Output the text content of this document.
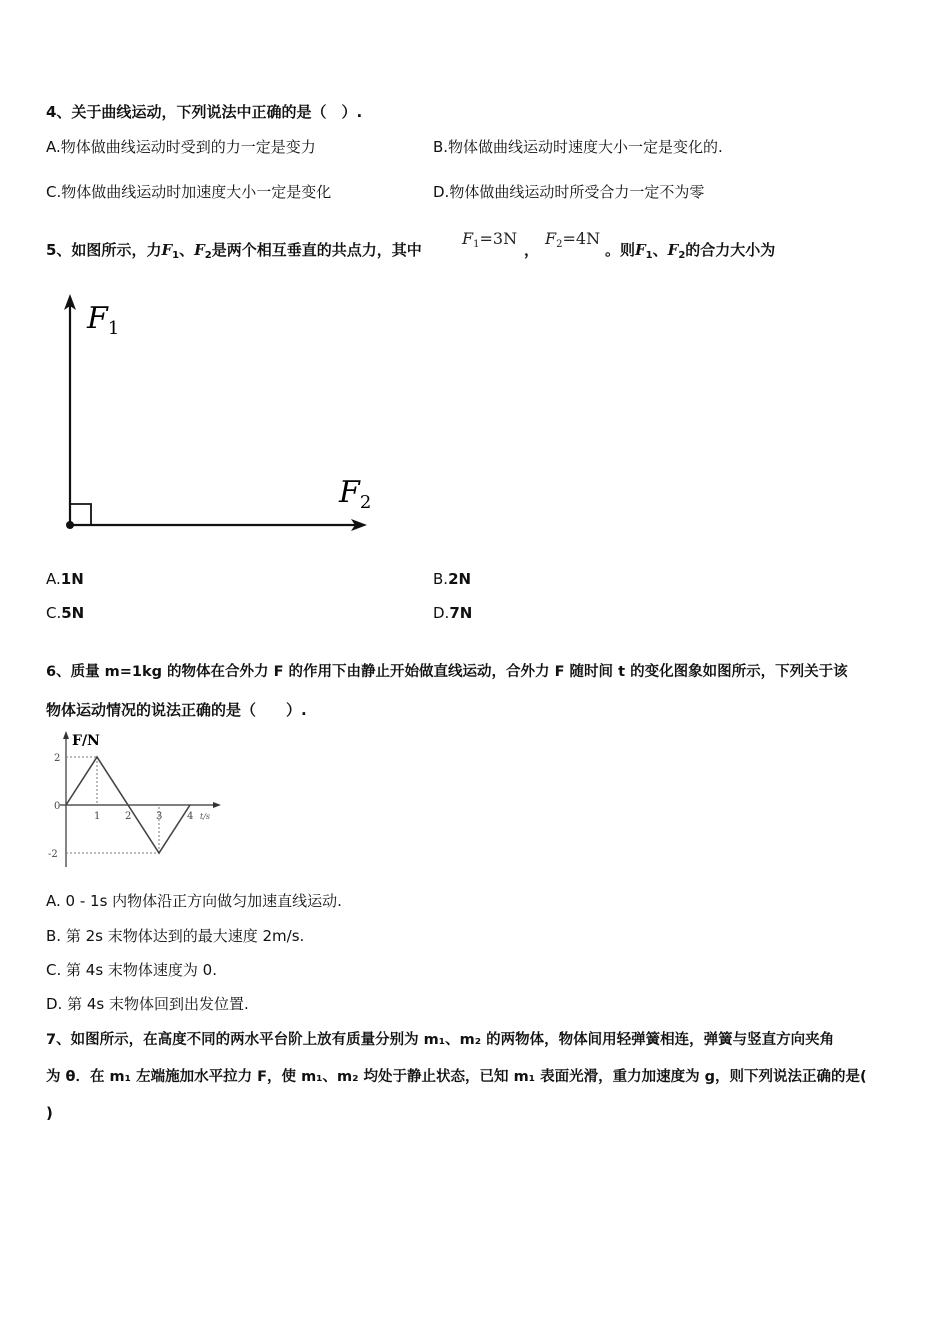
4、关于曲线运动，下列说法中正确的是（　）.
A.物体做曲线运动时受到的力一定是变力	B.物体做曲线运动时速度大小一定是变化的.
C.物体做曲线运动时加速度大小一定是变化	D.物体做曲线运动时所受合力一定不为零
5、如图所示，力$F_1$、$F_2$是两个相互垂直的共点力，其中
$F_1=3N$
，
$F_2=4N$
。则$F_1$、$F_2$的合力大小为
$F_1$
$F_2$
A.1N	B.2N
C.5N	D.7N
6、质量 m=1kg 的物体在合外力 F 的作用下由静止开始做直线运动，合外力 F 随时间 t 的变化图象如图所示，下列关于该
物体运动情况的说法正确的是（　　）.
F/N
t/s
1 2 3 4
2
0
-2
A. 0 - 1s 内物体沿正方向做匀加速直线运动.
B. 第 2s 末物体达到的最大速度 2m/s.
C. 第 4s 末物体速度为 0.
D. 第 4s 末物体回到出发位置.
7、如图所示，在高度不同的两水平台阶上放有质量分别为 m₁、m₂ 的两物体，物体间用轻弹簧相连，弹簧与竖直方向夹角
为 θ．在 m₁ 左端施加水平拉力 F，使 m₁、m₂ 均处于静止状态，已知 m₁ 表面光滑，重力加速度为 g，则下列说法正确的是(
)
